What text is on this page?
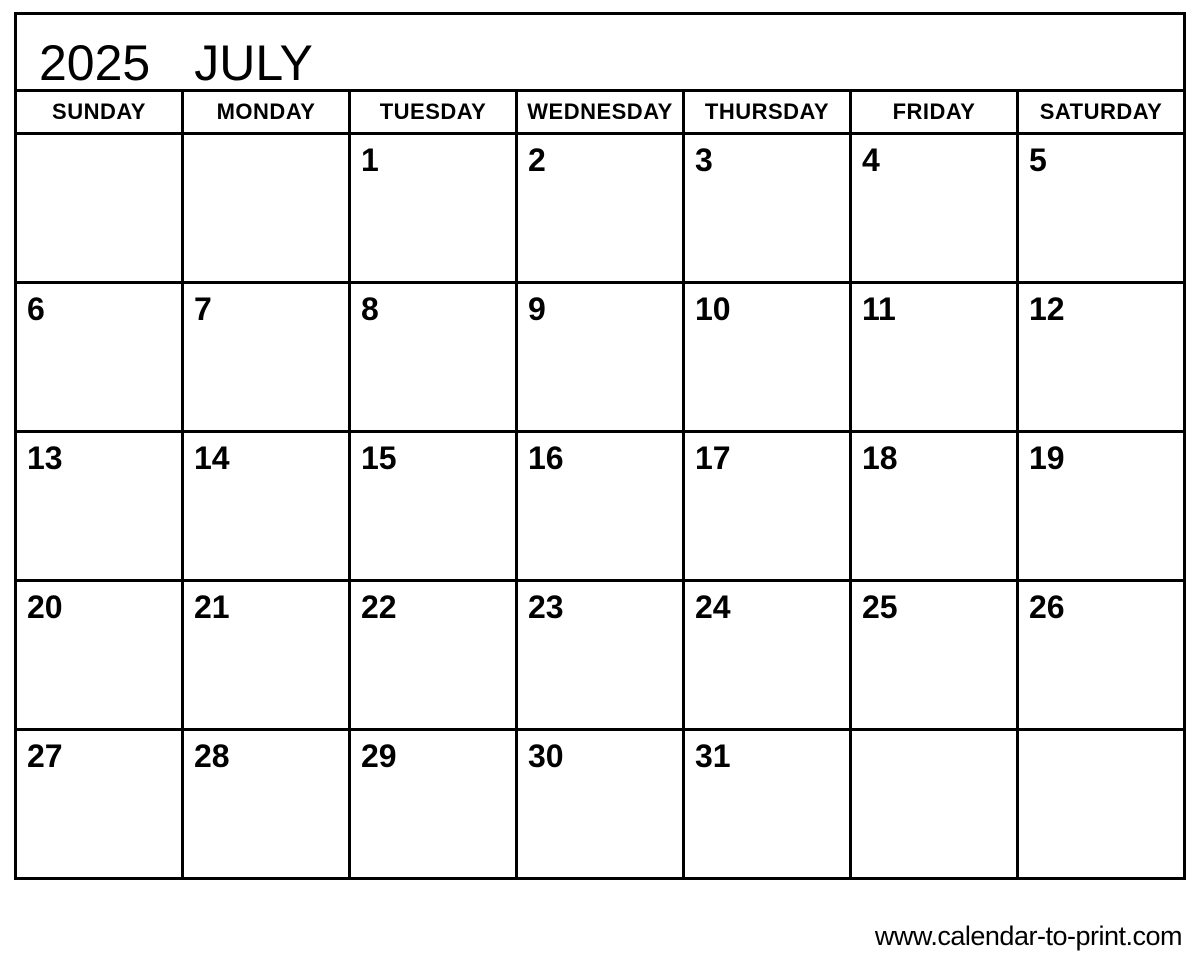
2025 JULY						

SUNDAY	MONDAY	TUESDAY	WEDNESDAY	THURSDAY	FRIDAY	SATURDAY
		1	2	3	4	5
6	7	8	9	10	11	12
13	14	15	16	17	18	19
20	21	22	23	24	25	26
27	28	29	30	31		
www.calendar-to-print.com
